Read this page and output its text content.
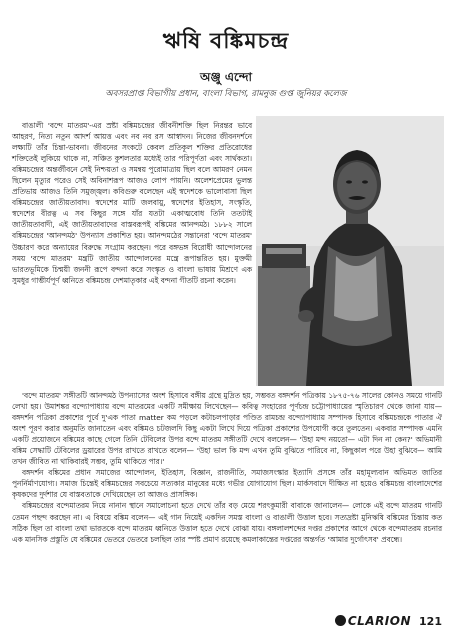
ঋষি বঙ্কিমচন্দ্র
অঞ্জু এন্দো
অবসরপ্রাপ্ত বিভাগীয় প্রধান, বাংলা বিভাগ, রামনুজ গুপ্ত জুনিয়র কলেজ

বাঙালী 'বন্দে মাতরম'-এর স্রষ্টা বঙ্কিমচন্দ্রের জীবনীশক্তি ছিল নিরন্তর ভাবে আহরণ, নিত্য নতুন আদর্শ আয়ত্ত এবং নব নব রস আস্বাদন। নিজের জীবনদর্শনে লক্ষ্যটি তাঁর চিন্তা-ভাবনা। জীবনের সংকটে কেবল প্রতিকূল শক্তির প্রতিরোধের শক্তিতেই লুকিয়ে থাকে না, সঞ্চিত কুশলতার মধ্যেই তার পরিপূর্ণতা এবং সার্থকতা। বঙ্কিমচন্দ্রের অন্তর্জীবনে সেই নিশ্চয়তা ও সমন্বয় পুরোমাত্রায় ছিল বলে আমরণ নেমন ছিলেন মৃত্যুর পরেও সেই অবিনাশরূপ আজও লোপ পায়নি। অলেশপ্রেমের ভুলন্ত প্রতিভায় আজও তিনি সমুজ্জ্বল। কবিগুরু বলেছেন এই স্বদেশকে ভালোবাসা ছিল বঙ্কিমচন্দ্রের জাতীয়তাবাদ। স্বদেশের মাটি জলবায়ু, স্বদেশের ইতিহাস, সংস্কৃতি, স্বদেশের বীরত্ব এ সব কিছুর সঙ্গে যাঁর যতটা একাত্মবোধ তিনি ততটাই জাতীয়তাবাদী, এই জাতীয়তাবাদের বাস্তবরূপই বঙ্কিমের আনন্দমঠ। ১৮৮২ সালে বঙ্কিমচন্দ্রের 'আনন্দমঠ' উপন্যাস প্রকাশিত হয়। আনন্দমঠের সন্তানেরা 'বন্দে মাতরম' উচ্চারণ করে অন্যায়ের বিরুদ্ধে সংগ্রাম করছেন। পরে বঙ্গভঙ্গ বিরোধী আন্দোলনের সময় 'বন্দে মাতরম' মন্ত্রটি জাতীয় আন্দোলনের মন্ত্রে রূপান্তরিত হয়। মুক্তমী ভারতভূমিকে চিন্ময়ী জননী রূপে বন্দনা করে সংস্কৃত ও বাংলা ভাষায় মিশ্রণে এক সুমধুর গাম্ভীর্যপূর্ণ ধ্বনিতে বঙ্কিমচন্দ্র দেশমাতৃকার এই বন্দনা গীতটি রচনা করেন।

'বন্দে মাতরম' সঙ্গীতটি আনন্দমঠ উপন্যাসের অংশ হিসাবে বঙ্গীয় গ্রন্থে মুদ্রিত হয়, সম্ভবত বঙ্গদর্শন পত্রিকায় ১৮৭৫-৭৬ সালের কোনও সময়ে গানটি লেখা হয়। উমাশঙ্কর বন্দ্যোপাধ্যায় বন্দে মাতরমের একটি সমীক্ষায় লিখেছেন— কবিত্ব সংহারের পূর্ণচন্দ্র চট্টোপাধ্যায়ের স্মৃতিচারণ থেকে জানা যায়— বঙ্গদর্শন পত্রিকা প্রকাশের পূর্বে দু'এক পাতা matter কম পড়লে কটাচলপাড়ার পণ্ডিত রামচন্দ্র বন্দ্যোপাধ্যায় সম্পাদক হিসাবে বঙ্কিমচন্দ্রকে পাতার ঐ অংশ পূরণ করার অনুমতি জানাতেন এবং বঙ্কিমও চটজলদি কিছু একটা লিখে দিয়ে পত্রিকা প্রকাশের উপযোগী করে তুলতেন। একবার সম্পাদক এমনি একটি প্রয়োজনে বঙ্কিমের কাছে গেলে তিনি টেবিলের উপর বন্দে মাতরম সঙ্গীতটি দেখে বললেন— 'উহা মন্দ নয়তো— এটা দিন না কেন?' অভিমানী বঙ্কিম সেদ্ধাটি টেবিলের ড্রয়ারের উপর রাখতে রাখতে বলেন— 'উহা ভাল কি মন্দ এখন তুমি বুঝিতে পারিবে না, কিছুকাল পরে উহা বুঝিবে— আমি তখন জীবিত না থাকিবারই সম্ভব, তুমি থাকিতে পার।'

বঙ্গদর্শন বঙ্কিমের প্রধান সমাজের আন্দোলন, ইতিহাস, বিজ্ঞান, রাজনীতি, সমাজসংস্কার ইত্যাদি প্রসঙ্গে তাঁর মহামূল্যবান অভিমত জাতির পুনর্নির্মাণযোগ্য। সমাজ চিন্তেই বঙ্কিমচন্দ্রের সবচেয়ে সত্যকার মানুষের মধ্যে গভীর যোগাযোগ ছিল। মার্কসবাদে দীক্ষিত না হয়েও বঙ্কিমচন্দ্র বাংলাদেশের কৃষকদের দুর্দশার যে বাস্তবতাকে দেখিয়েছেন তা আজও প্রাসঙ্গিক।

বঙ্কিমচন্দ্রের বন্দেমাতরম নিয়ে নানান স্থানে সমালোচনা হতে দেখে তাঁর বড় মেয়ে শরৎকুমারী বাবাকে জানালেন— লোকে এই বন্দে মাতরম গানটি তেমন পছন্দ করছেন না। এ বিষয়ে বঙ্কিম বলেন— এই গান নিয়েই একদিন সমস্ত বাংলা ও বাঙালী উত্তাল হবে। সত্যদ্রষ্টা মুনিঋষি বঙ্কিমের চিন্তায় কত সঠিক ছিল তা বাংলা তথা ভারতকে বন্দে মাতরম ধ্বনিতে উত্তাল হতে দেখে বোঝা যায়। বঙ্গলালশব্দের দপ্তর প্রকাশের আগে থেকে বন্দেমাতরম রচনার এক মানসিক প্রস্তুতি যে বঙ্কিমের ভেতরে ভেতরে চলছিল তার স্পষ্ট প্রমাণ রয়েছে কমলাকান্তের দপ্তরের অন্তর্গত 'আমার দুর্গোৎসব' প্রবন্ধে।

CLARION 121
